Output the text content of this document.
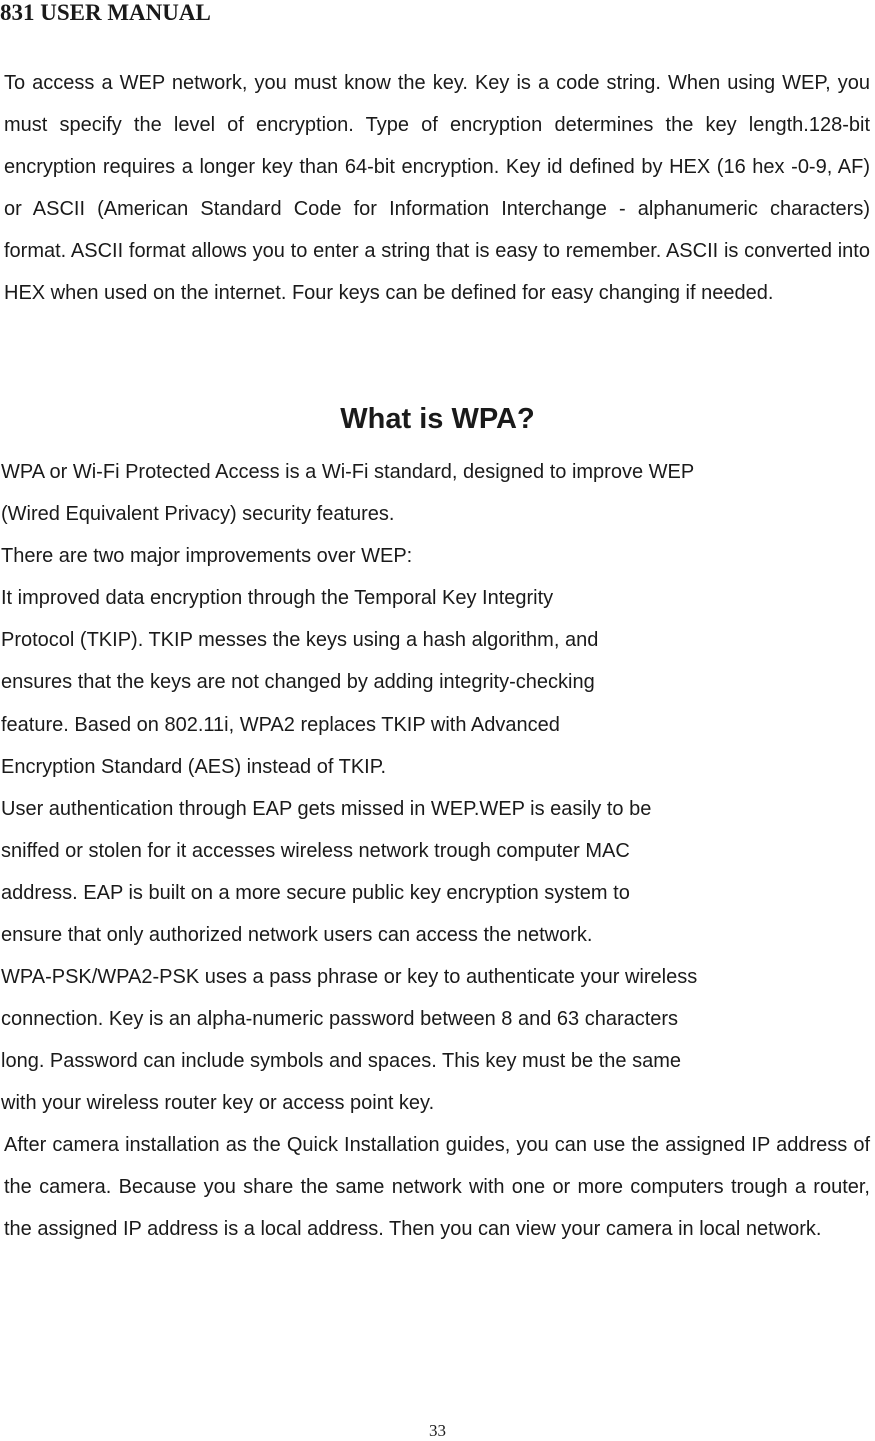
831 USER MANUAL

To access a WEP network, you must know the key. Key is a code string. When using WEP, you must specify the level of encryption. Type of encryption determines the key length.128-bit encryption requires a longer key than 64-bit encryption. Key id defined by HEX (16 hex -0-9, AF) or ASCII (American Standard Code for Information Interchange - alphanumeric characters) format. ASCII format allows you to enter a string that is easy to remember. ASCII is converted into HEX when used on the internet. Four keys can be defined for easy changing if needed.

What is WPA?
WPA or Wi-Fi Protected Access is a Wi-Fi standard, designed to improve WEP
(Wired Equivalent Privacy) security features.
There are two major improvements over WEP:
It improved data encryption through the Temporal Key Integrity
Protocol (TKIP). TKIP messes the keys using a hash algorithm, and
ensures that the keys are not changed by adding integrity-checking
feature. Based on 802.11i, WPA2 replaces TKIP with Advanced
Encryption Standard (AES) instead of TKIP.
User authentication through EAP gets missed in WEP.WEP is easily to be
sniffed or stolen for it accesses wireless network trough computer MAC
address. EAP is built on a more secure public key encryption system to
ensure that only authorized network users can access the network.
WPA-PSK/WPA2-PSK uses a pass phrase or key to authenticate your wireless
connection. Key is an alpha-numeric password between 8 and 63 characters
long. Password can include symbols and spaces. This key must be the same
with your wireless router key or access point key.

After camera installation as the Quick Installation guides, you can use the assigned IP address of the camera. Because you share the same network with one or more computers trough a router, the assigned IP address is a local address. Then you can view your camera in local network.

33
